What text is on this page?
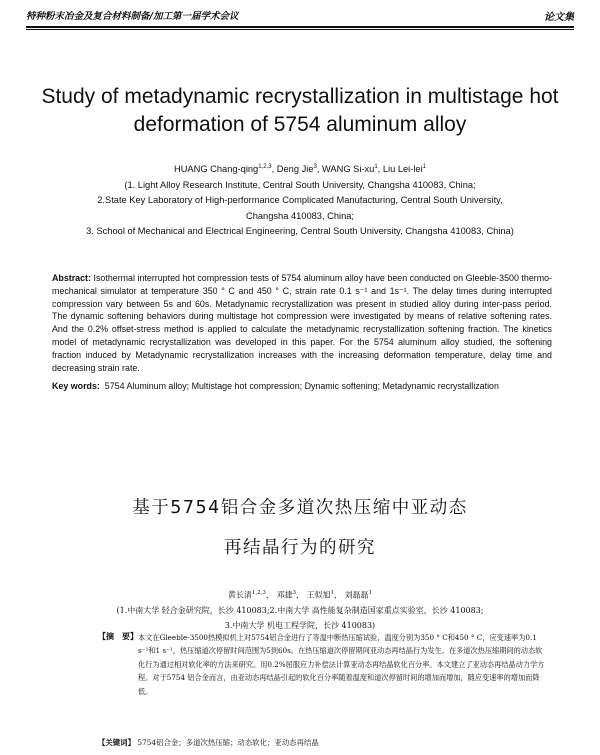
特种粉末冶金及复合材料制备/加工第一届学术会议	论文集
Study of metadynamic recrystallization in multistage hot
deformation of 5754 aluminum alloy
HUANG Chang-qing$^{1,2,3}$, Deng Jie$^3$, WANG $Si-xu^1$, Liu Lei-lei$^1$
(1. Light Alloy Research Institute, Central South University, Changsha 410083, China;
2.State Key Laboratory of High-performance Complicated Manufacturing, Central South University,
Changsha 410083, China;
3. School of Mechanical and Electrical Engineering, Central South University, Changsha 410083, China)
Abstract: Isothermal interrupted hot compression tests of 5754 aluminum alloy have been conducted on Gleeble-3500 thermo-mechanical simulator at temperature 350 ° C and 450 ° C, strain rate 0.1 s⁻¹ and 1s⁻¹. The delay times during interrupted compression vary between 5s and 60s. Metadynamic recrystallization was present in studied alloy during inter-pass period. The dynamic softening behaviors during multistage hot compression were investigated by means of relative softening rates. And the 0.2% offset-stress method is applied to calculate the metadynamic recrystallization softening fraction. The kinetics model of metadynamic recrystallization was developed in this paper. For the 5754 aluminum alloy studied, the softening fraction induced by Metadynamic recrystallization increases with the increasing deformation temperature, delay time and decreasing strain rate.
Key words: 5754 Aluminum alloy; Multistage hot compression; Dynamic softening; Metadynamic recrystallization
基于5754铝合金多道次热压缩中亚动态
再结晶行为的研究
黄长清$^{1,2,3}$， 邓捷$^3$， 王似旭$^1$， 刘磊磊$^1$
(1.中南大学 轻合金研究院，长沙 410083;2.中南大学 高性能复杂制造国家重点实验室，长沙 410083;
3.中南大学 机电工程学院，长沙 410083)
【摘　要】 本文在Gleeble-3500热模拟机上对5754铝合金进行了等温中断热压缩试验，温度分别为350 ° C和450 ° C，应变速率为0.1 s⁻¹和1 s⁻¹，热压缩道次停留时间范围为5到60s。在热压缩道次停留期间亚动态再结晶行为发生。在多道次热压缩期间的动态软化行为通过相对软化率的方法来研究。用0.2%屈服应力补偿法计算亚动态再结晶软化百分率。本文建立了亚动态再结晶动力学方程。对于5754 铝合金而言，由亚动态再结晶引起的软化百分率随着温度和道次停留时间的增加而增加，随应变速率的增加而降低。
【关键词】 5754铝合金；多道次热压缩；动态软化；亚动态再结晶
